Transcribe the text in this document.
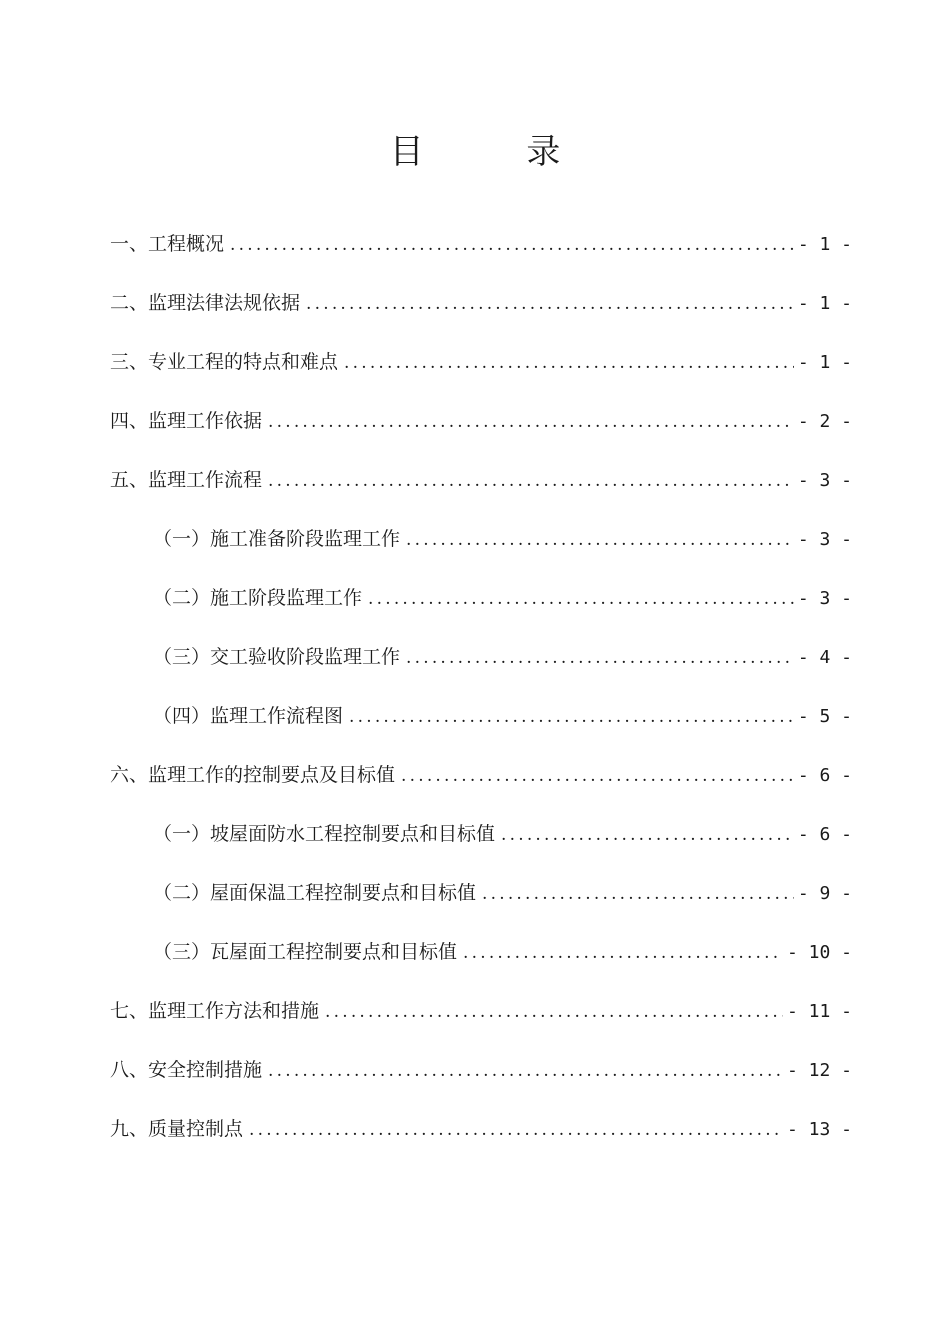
目 录
一、工程概况 .....	- 1 -
二、监理法律法规依据 .....	- 1 -
三、专业工程的特点和难点 .....	- 1 -
四、监理工作依据 .....	- 2 -
五、监理工作流程 .....	- 3 -
（一）施工准备阶段监理工作 .....	- 3 -
（二）施工阶段监理工作 .....	- 3 -
（三）交工验收阶段监理工作 .....	- 4 -
（四）监理工作流程图 .....	- 5 -
六、监理工作的控制要点及目标值 .....	- 6 -
（一）坡屋面防水工程控制要点和目标值 .....	- 6 -
（二）屋面保温工程控制要点和目标值 .....	- 9 -
（三）瓦屋面工程控制要点和目标值 .....	- 10 -
七、监理工作方法和措施 .....	- 11 -
八、安全控制措施 .....	- 12 -
九、质量控制点 .....	- 13 -
